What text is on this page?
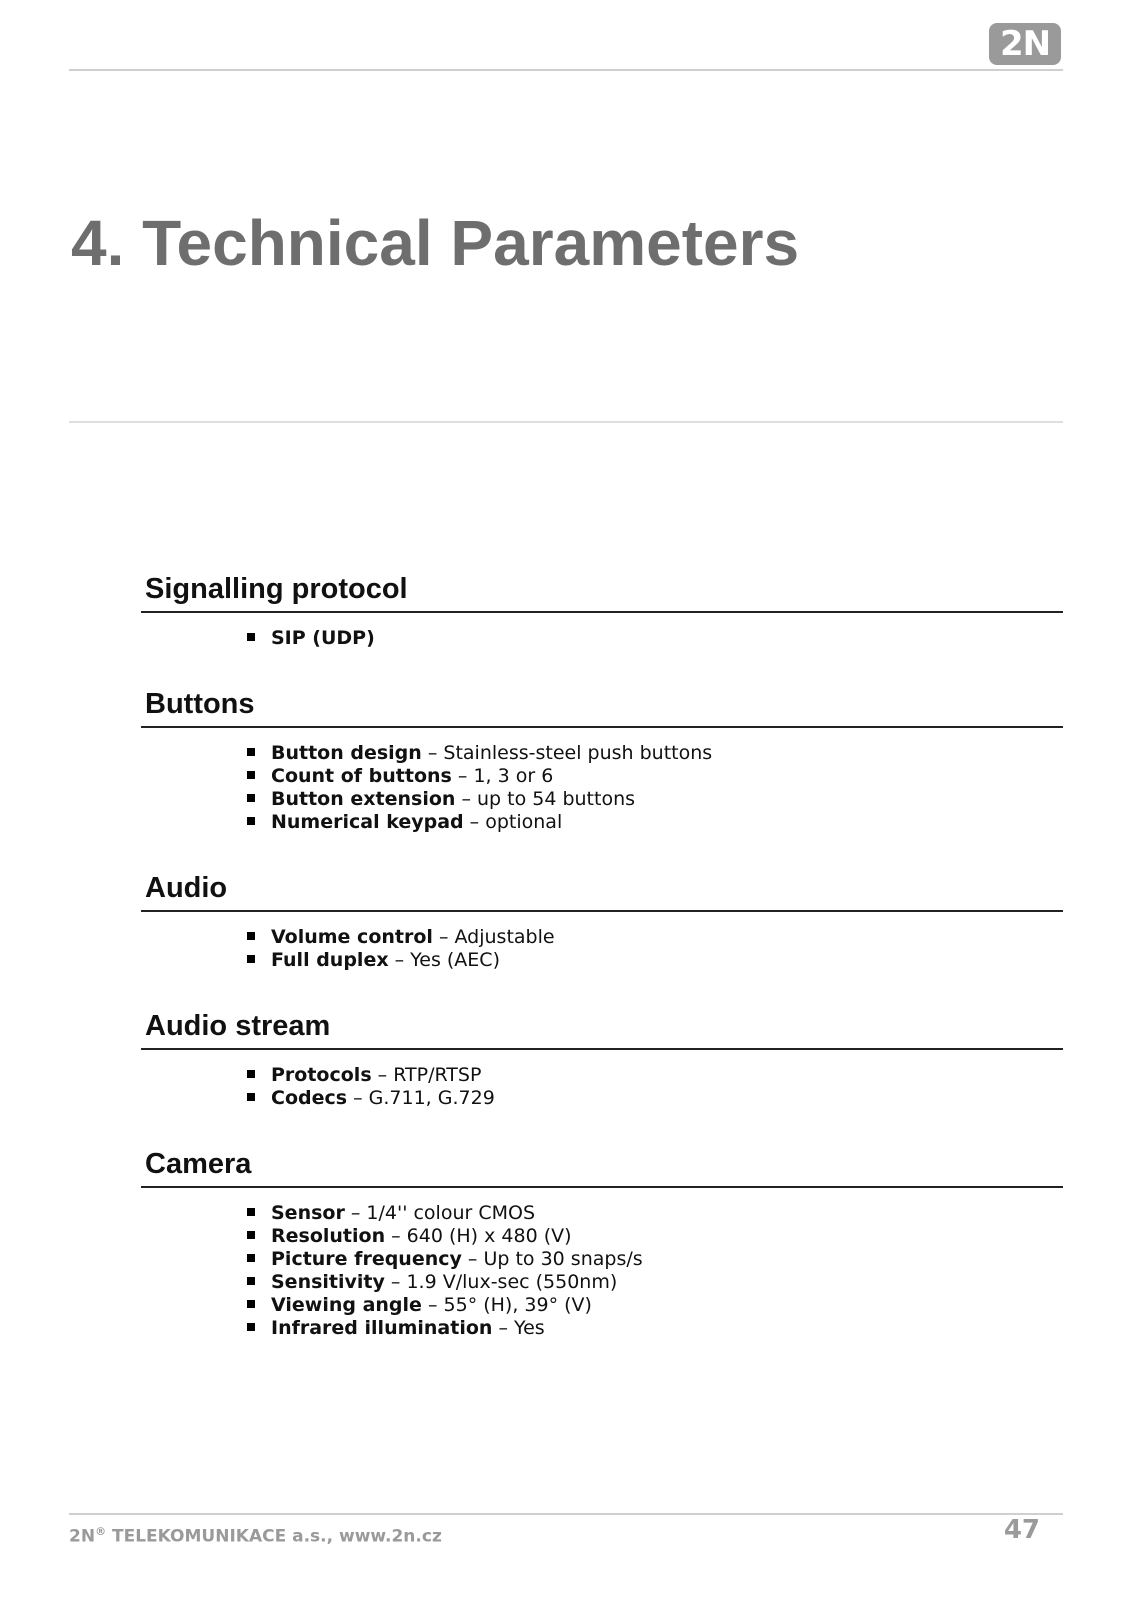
2N
4. Technical Parameters
Signalling protocol
SIP (UDP)
Buttons
Button design – Stainless-steel push buttons
Count of buttons – 1, 3 or 6
Button extension – up to 54 buttons
Numerical keypad – optional
Audio
Volume control – Adjustable
Full duplex – Yes (AEC)
Audio stream
Protocols – RTP/RTSP
Codecs – G.711, G.729
Camera
Sensor – 1/4'' colour CMOS
Resolution – 640 (H) x 480 (V)
Picture frequency – Up to 30 snaps/s
Sensitivity – 1.9 V/lux-sec (550nm)
Viewing angle – 55° (H), 39° (V)
Infrared illumination – Yes
2N® TELEKOMUNIKACE a.s., www.2n.cz	47
